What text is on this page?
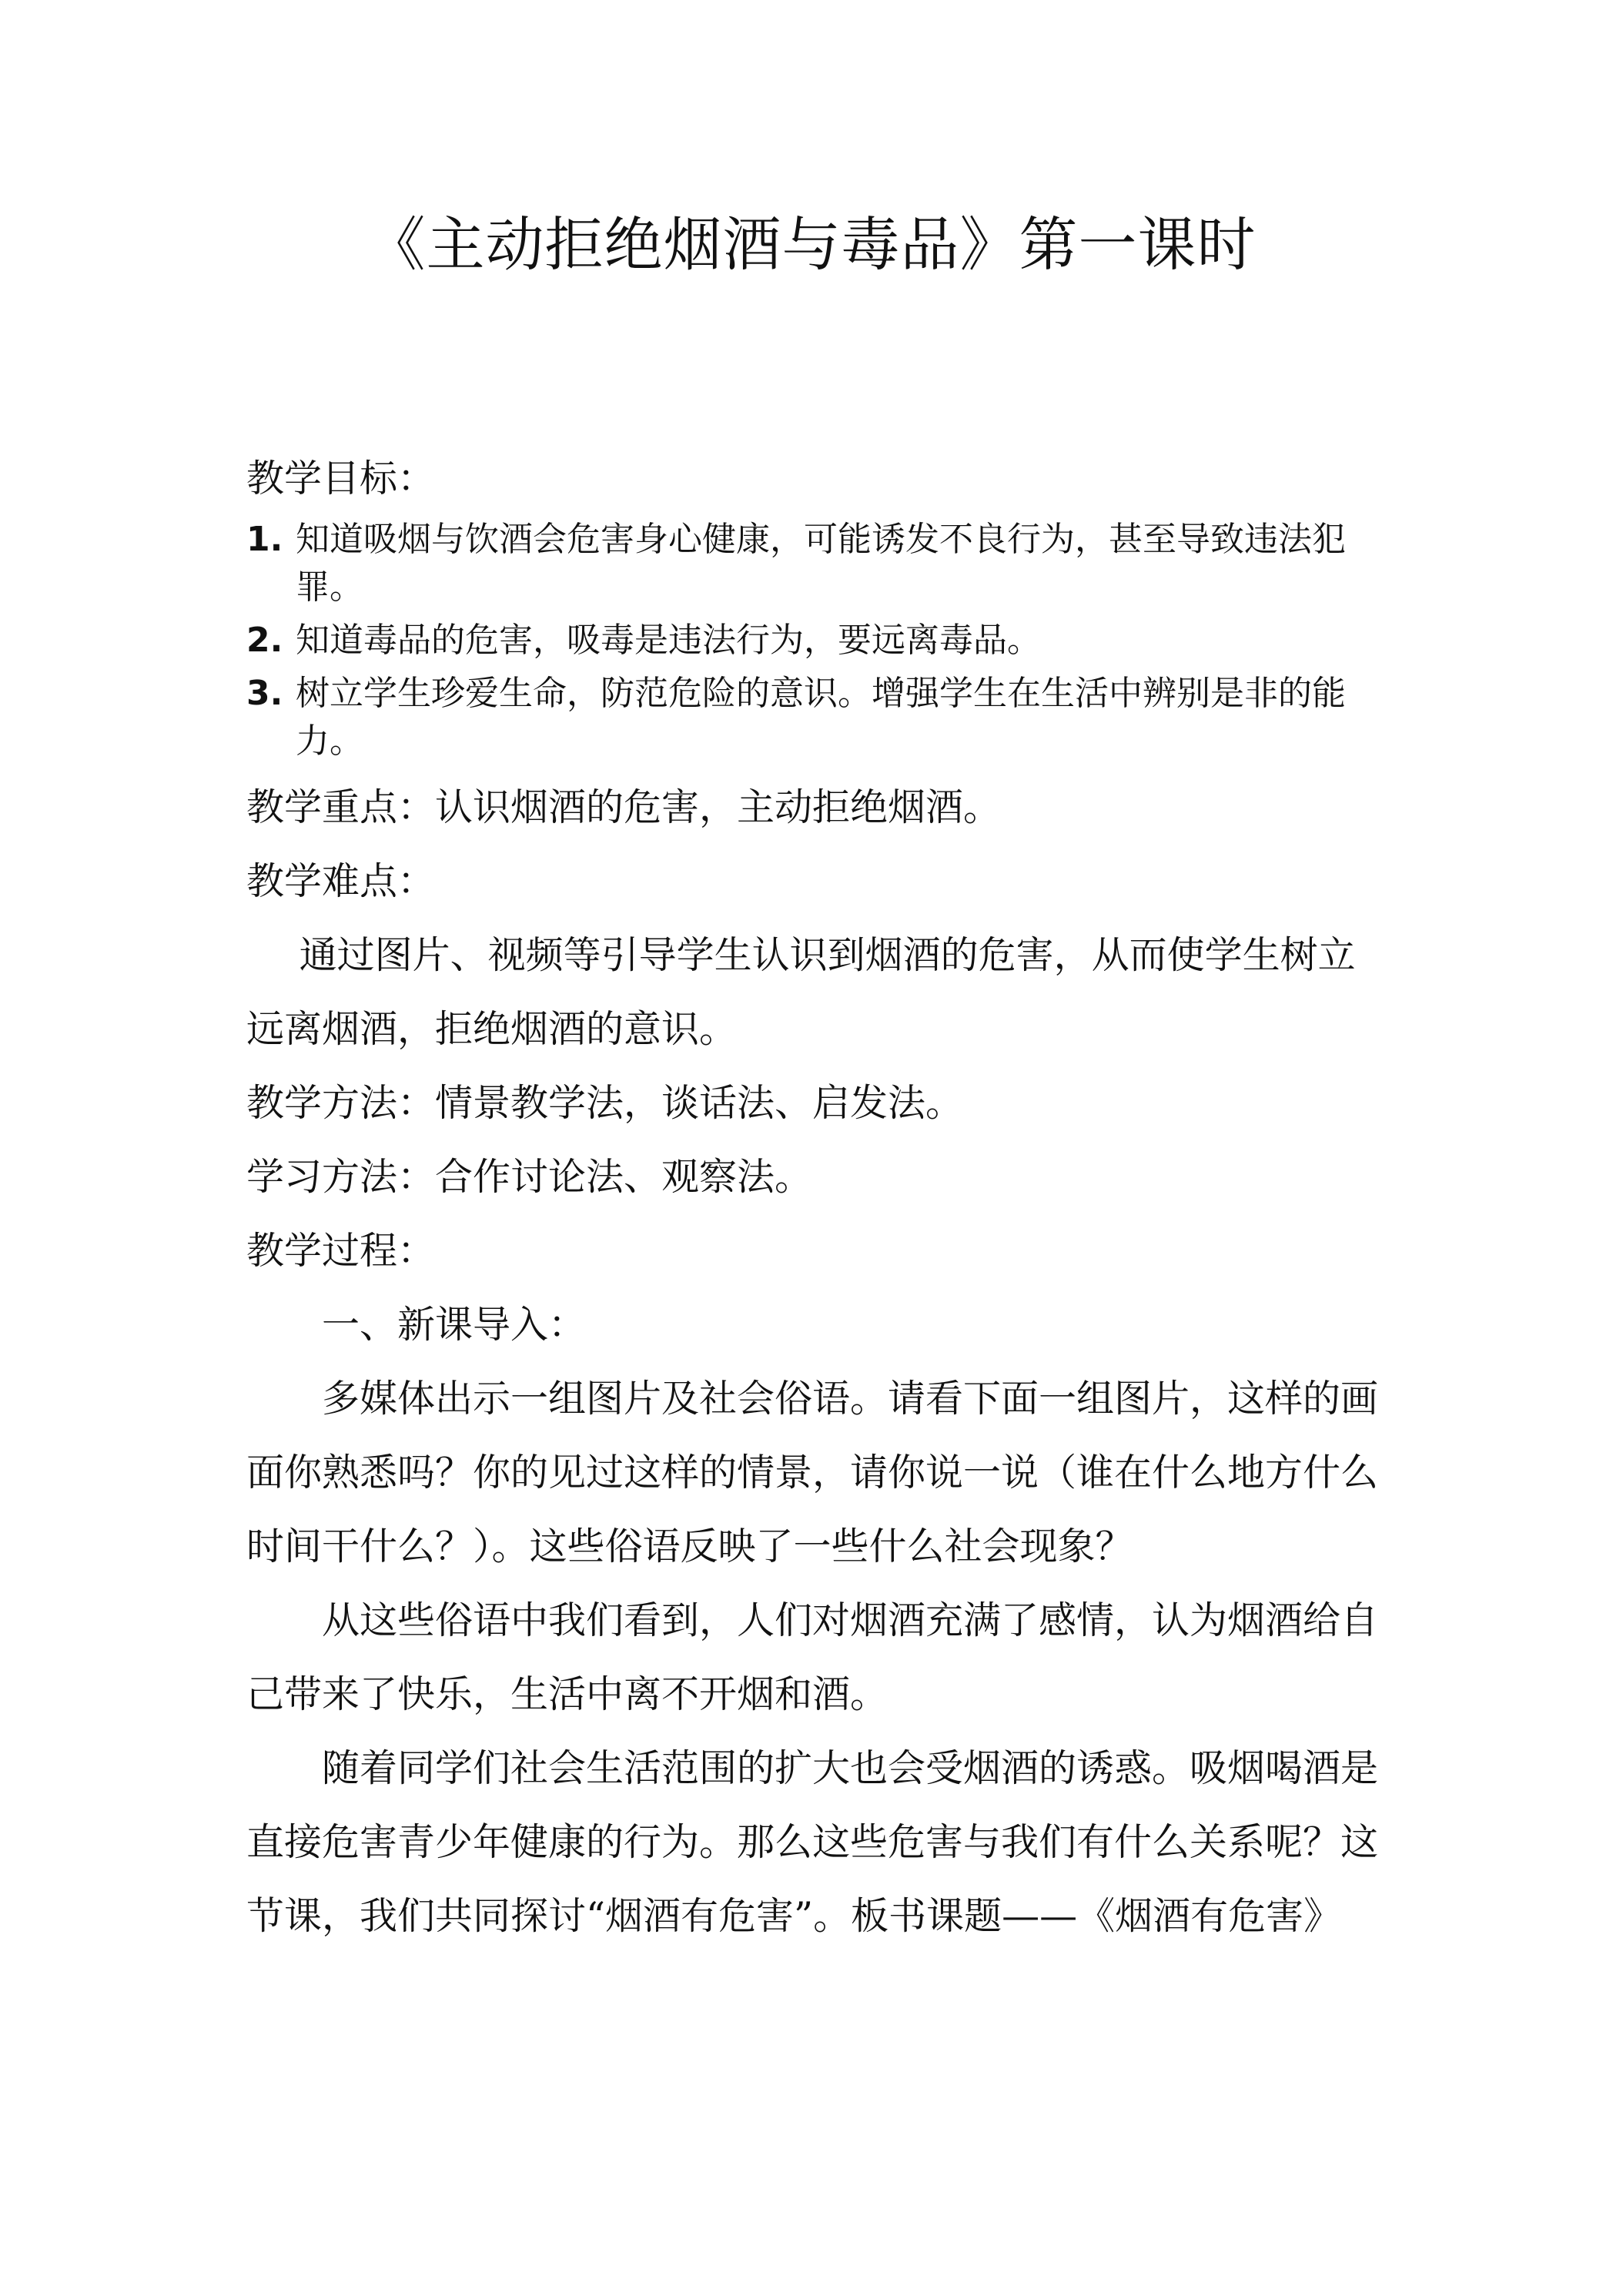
《主动拒绝烟酒与毒品》第一课时

教学目标：

1. 知道吸烟与饮酒会危害身心健康，可能诱发不良行为，甚至导致违法犯罪。
2. 知道毒品的危害，吸毒是违法行为，要远离毒品。
3. 树立学生珍爱生命，防范危险的意识。增强学生在生活中辨别是非的能力。

教学重点：认识烟酒的危害，主动拒绝烟酒。

教学难点：

通过图片、视频等引导学生认识到烟酒的危害，从而使学生树立远离烟酒，拒绝烟酒的意识。

教学方法：情景教学法，谈话法、启发法。

学习方法：合作讨论法、观察法。

教学过程：

一、新课导入：

多媒体出示一组图片及社会俗语。请看下面一组图片，这样的画面你熟悉吗？你的见过这样的情景，请你说一说（谁在什么地方什么时间干什么？）。这些俗语反映了一些什么社会现象？

从这些俗语中我们看到，人们对烟酒充满了感情，认为烟酒给自己带来了快乐，生活中离不开烟和酒。

随着同学们社会生活范围的扩大也会受烟酒的诱惑。吸烟喝酒是直接危害青少年健康的行为。那么这些危害与我们有什么关系呢？这节课，我们共同探讨“烟酒有危害”。板书课题——《烟酒有危害》
